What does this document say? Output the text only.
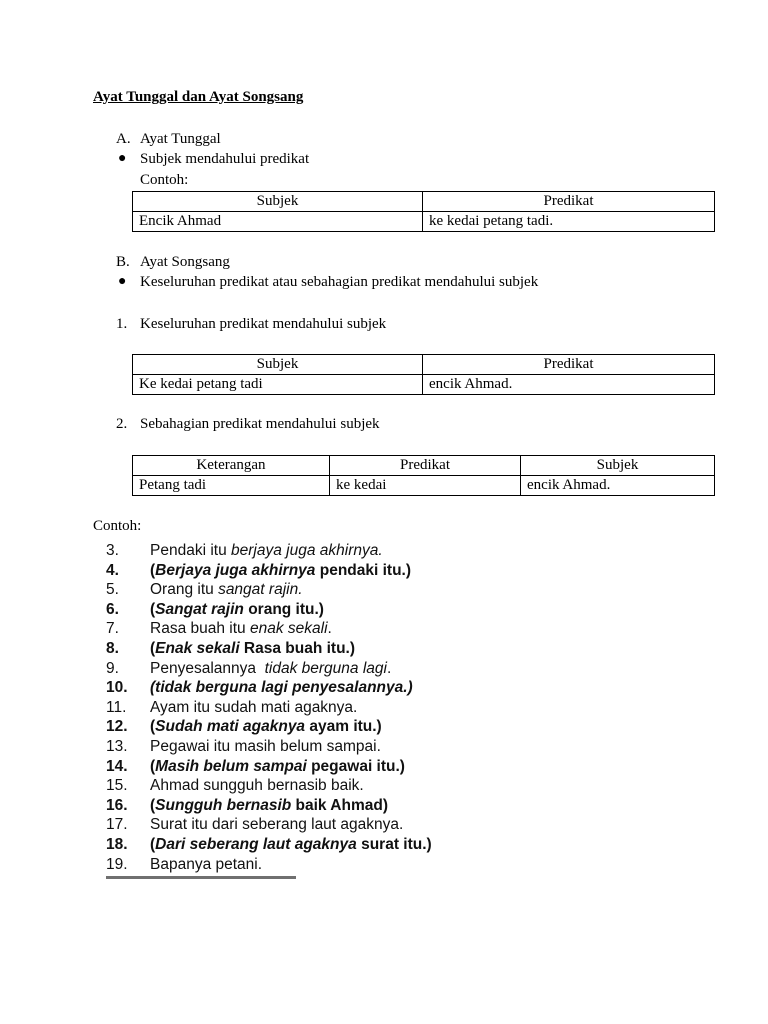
Ayat Tunggal dan Ayat Songsang
A. Ayat Tunggal
● Subjek mendahului predikat
Contoh:
Subjek	Predikat
Encik Ahmad	ke kedai petang tadi.
B. Ayat Songsang
● Keseluruhan predikat atau sebahagian predikat mendahului subjek
1. Keseluruhan predikat mendahului subjek
Subjek	Predikat
Ke kedai petang tadi	encik Ahmad.
2. Sebahagian predikat mendahului subjek
Keterangan	Predikat	Subjek
Petang tadi	ke kedai	encik Ahmad.
Contoh:
3. Pendaki itu berjaya juga akhirnya.
4. (Berjaya juga akhirnya pendaki itu.)
5. Orang itu sangat rajin.
6. (Sangat rajin orang itu.)
7. Rasa buah itu enak sekali.
8. (Enak sekali Rasa buah itu.)
9. Penyesalannya  tidak berguna lagi.
10. (tidak berguna lagi penyesalannya.)
11. Ayam itu sudah mati agaknya.
12. (Sudah mati agaknya ayam itu.)
13. Pegawai itu masih belum sampai.
14. (Masih belum sampai pegawai itu.)
15. Ahmad sungguh bernasib baik.
16. (Sungguh bernasib baik Ahmad)
17. Surat itu dari seberang laut agaknya.
18. (Dari seberang laut agaknya surat itu.)
19. Bapanya petani.
